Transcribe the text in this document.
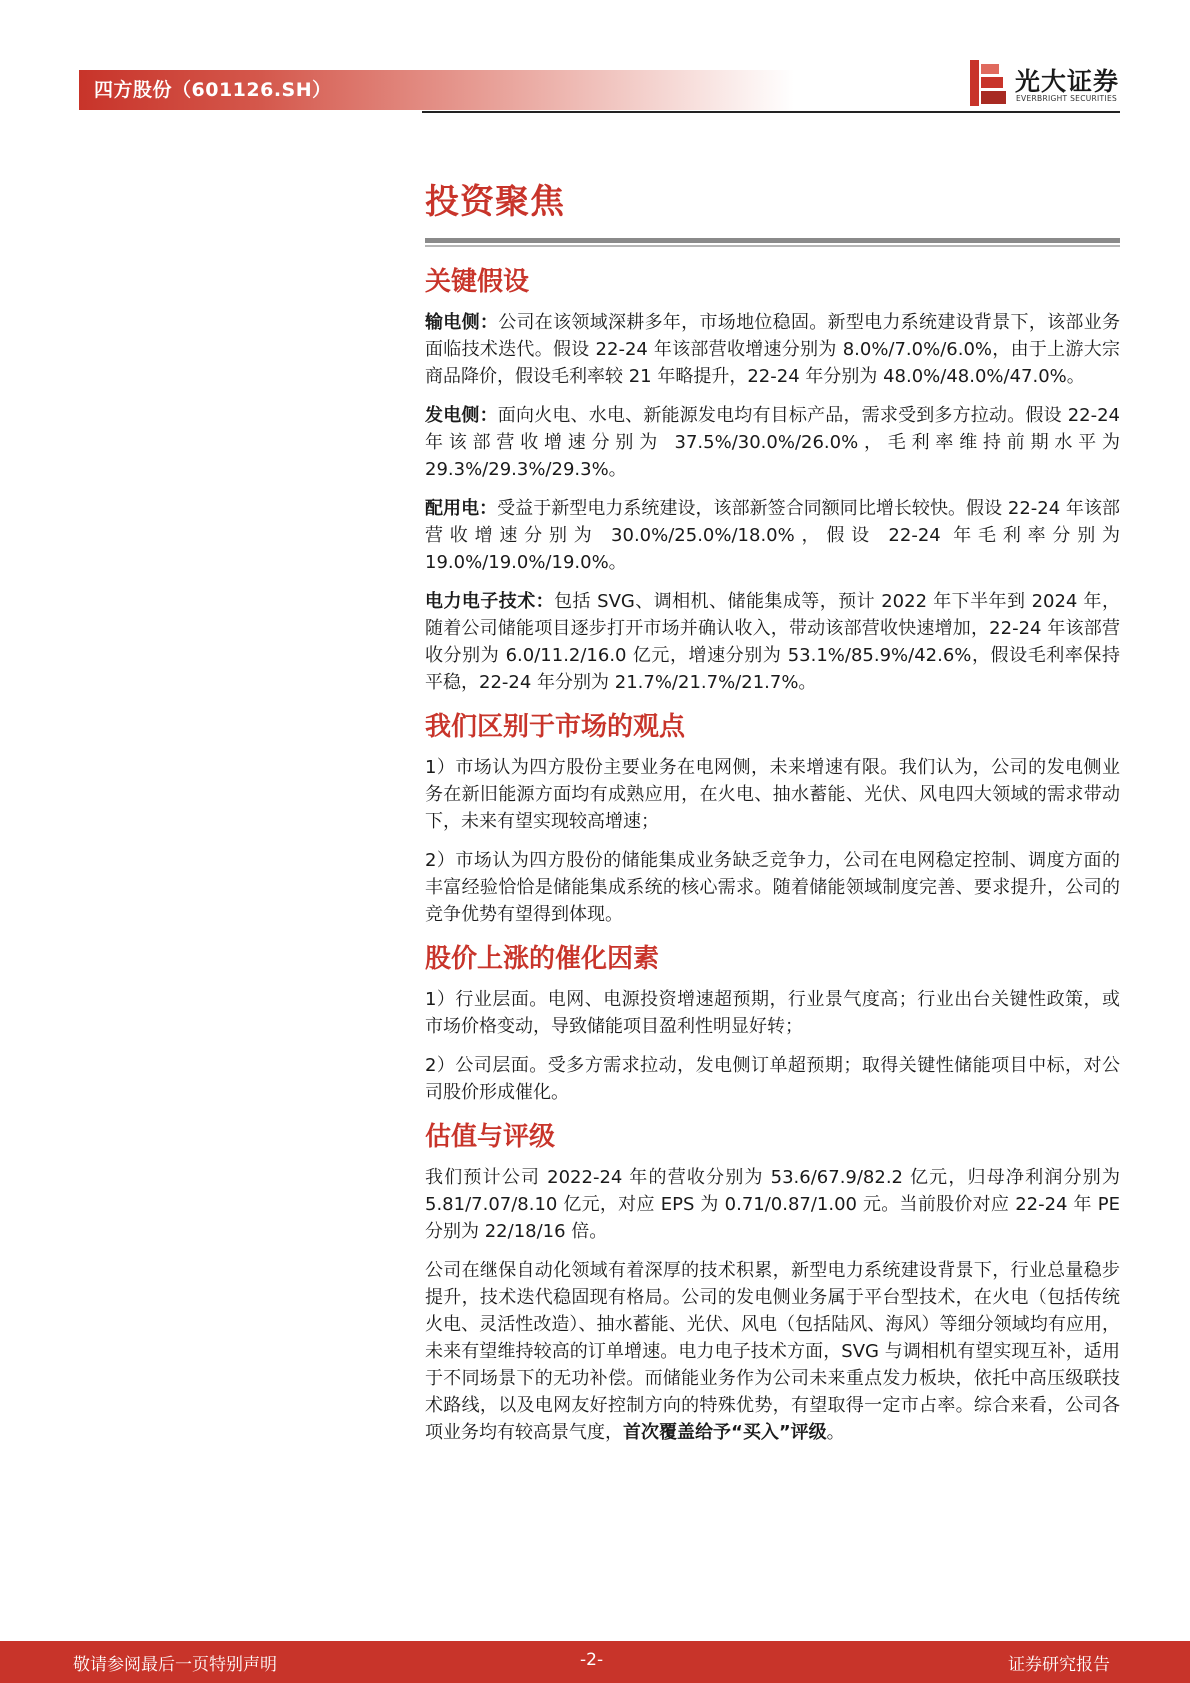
四方股份（601126.SH）	光大证券
EVERBRIGHT SECURITIES
投资聚焦
关键假设

输电侧：公司在该领域深耕多年，市场地位稳固。新型电力系统建设背景下，该部业务面临技术迭代。假设 22-24 年该部营收增速分别为 8.0%/7.0%/6.0%，由于上游大宗商品降价，假设毛利率较 21 年略提升，22-24 年分别为 48.0%/48.0%/47.0%。

发电侧：面向火电、水电、新能源发电均有目标产品，需求受到多方拉动。假设 22-24 年该部营收增速分别为 37.5%/30.0%/26.0%，毛利率维持前期水平为 29.3%/29.3%/29.3%。

配用电：受益于新型电力系统建设，该部新签合同额同比增长较快。假设 22-24 年该部营收增速分别为 30.0%/25.0%/18.0%，假设 22-24 年毛利率分别为 19.0%/19.0%/19.0%。

电力电子技术：包括 SVG、调相机、储能集成等，预计 2022 年下半年到 2024 年，随着公司储能项目逐步打开市场并确认收入，带动该部营收快速增加，22-24 年该部营收分别为 6.0/11.2/16.0 亿元，增速分别为 53.1%/85.9%/42.6%，假设毛利率保持平稳，22-24 年分别为 21.7%/21.7%/21.7%。

我们区别于市场的观点

1）市场认为四方股份主要业务在电网侧，未来增速有限。我们认为，公司的发电侧业务在新旧能源方面均有成熟应用，在火电、抽水蓄能、光伏、风电四大领域的需求带动下，未来有望实现较高增速；

2）市场认为四方股份的储能集成业务缺乏竞争力，公司在电网稳定控制、调度方面的丰富经验恰恰是储能集成系统的核心需求。随着储能领域制度完善、要求提升，公司的竞争优势有望得到体现。

股价上涨的催化因素

1）行业层面。电网、电源投资增速超预期，行业景气度高；行业出台关键性政策，或市场价格变动，导致储能项目盈利性明显好转；

2）公司层面。受多方需求拉动，发电侧订单超预期；取得关键性储能项目中标，对公司股价形成催化。

估值与评级

我们预计公司 2022-24 年的营收分别为 53.6/67.9/82.2 亿元，归母净利润分别为 5.81/7.07/8.10 亿元，对应 EPS 为 0.71/0.87/1.00 元。当前股价对应 22-24 年 PE 分别为 22/18/16 倍。

公司在继保自动化领域有着深厚的技术积累，新型电力系统建设背景下，行业总量稳步提升，技术迭代稳固现有格局。公司的发电侧业务属于平台型技术，在火电（包括传统火电、灵活性改造）、抽水蓄能、光伏、风电（包括陆风、海风）等细分领域均有应用，未来有望维持较高的订单增速。电力电子技术方面，SVG 与调相机有望实现互补，适用于不同场景下的无功补偿。而储能业务作为公司未来重点发力板块，依托中高压级联技术路线，以及电网友好控制方向的特殊优势，有望取得一定市占率。综合来看，公司各项业务均有较高景气度，首次覆盖给予“买入”评级。

敬请参阅最后一页特别声明	-2-	证券研究报告
